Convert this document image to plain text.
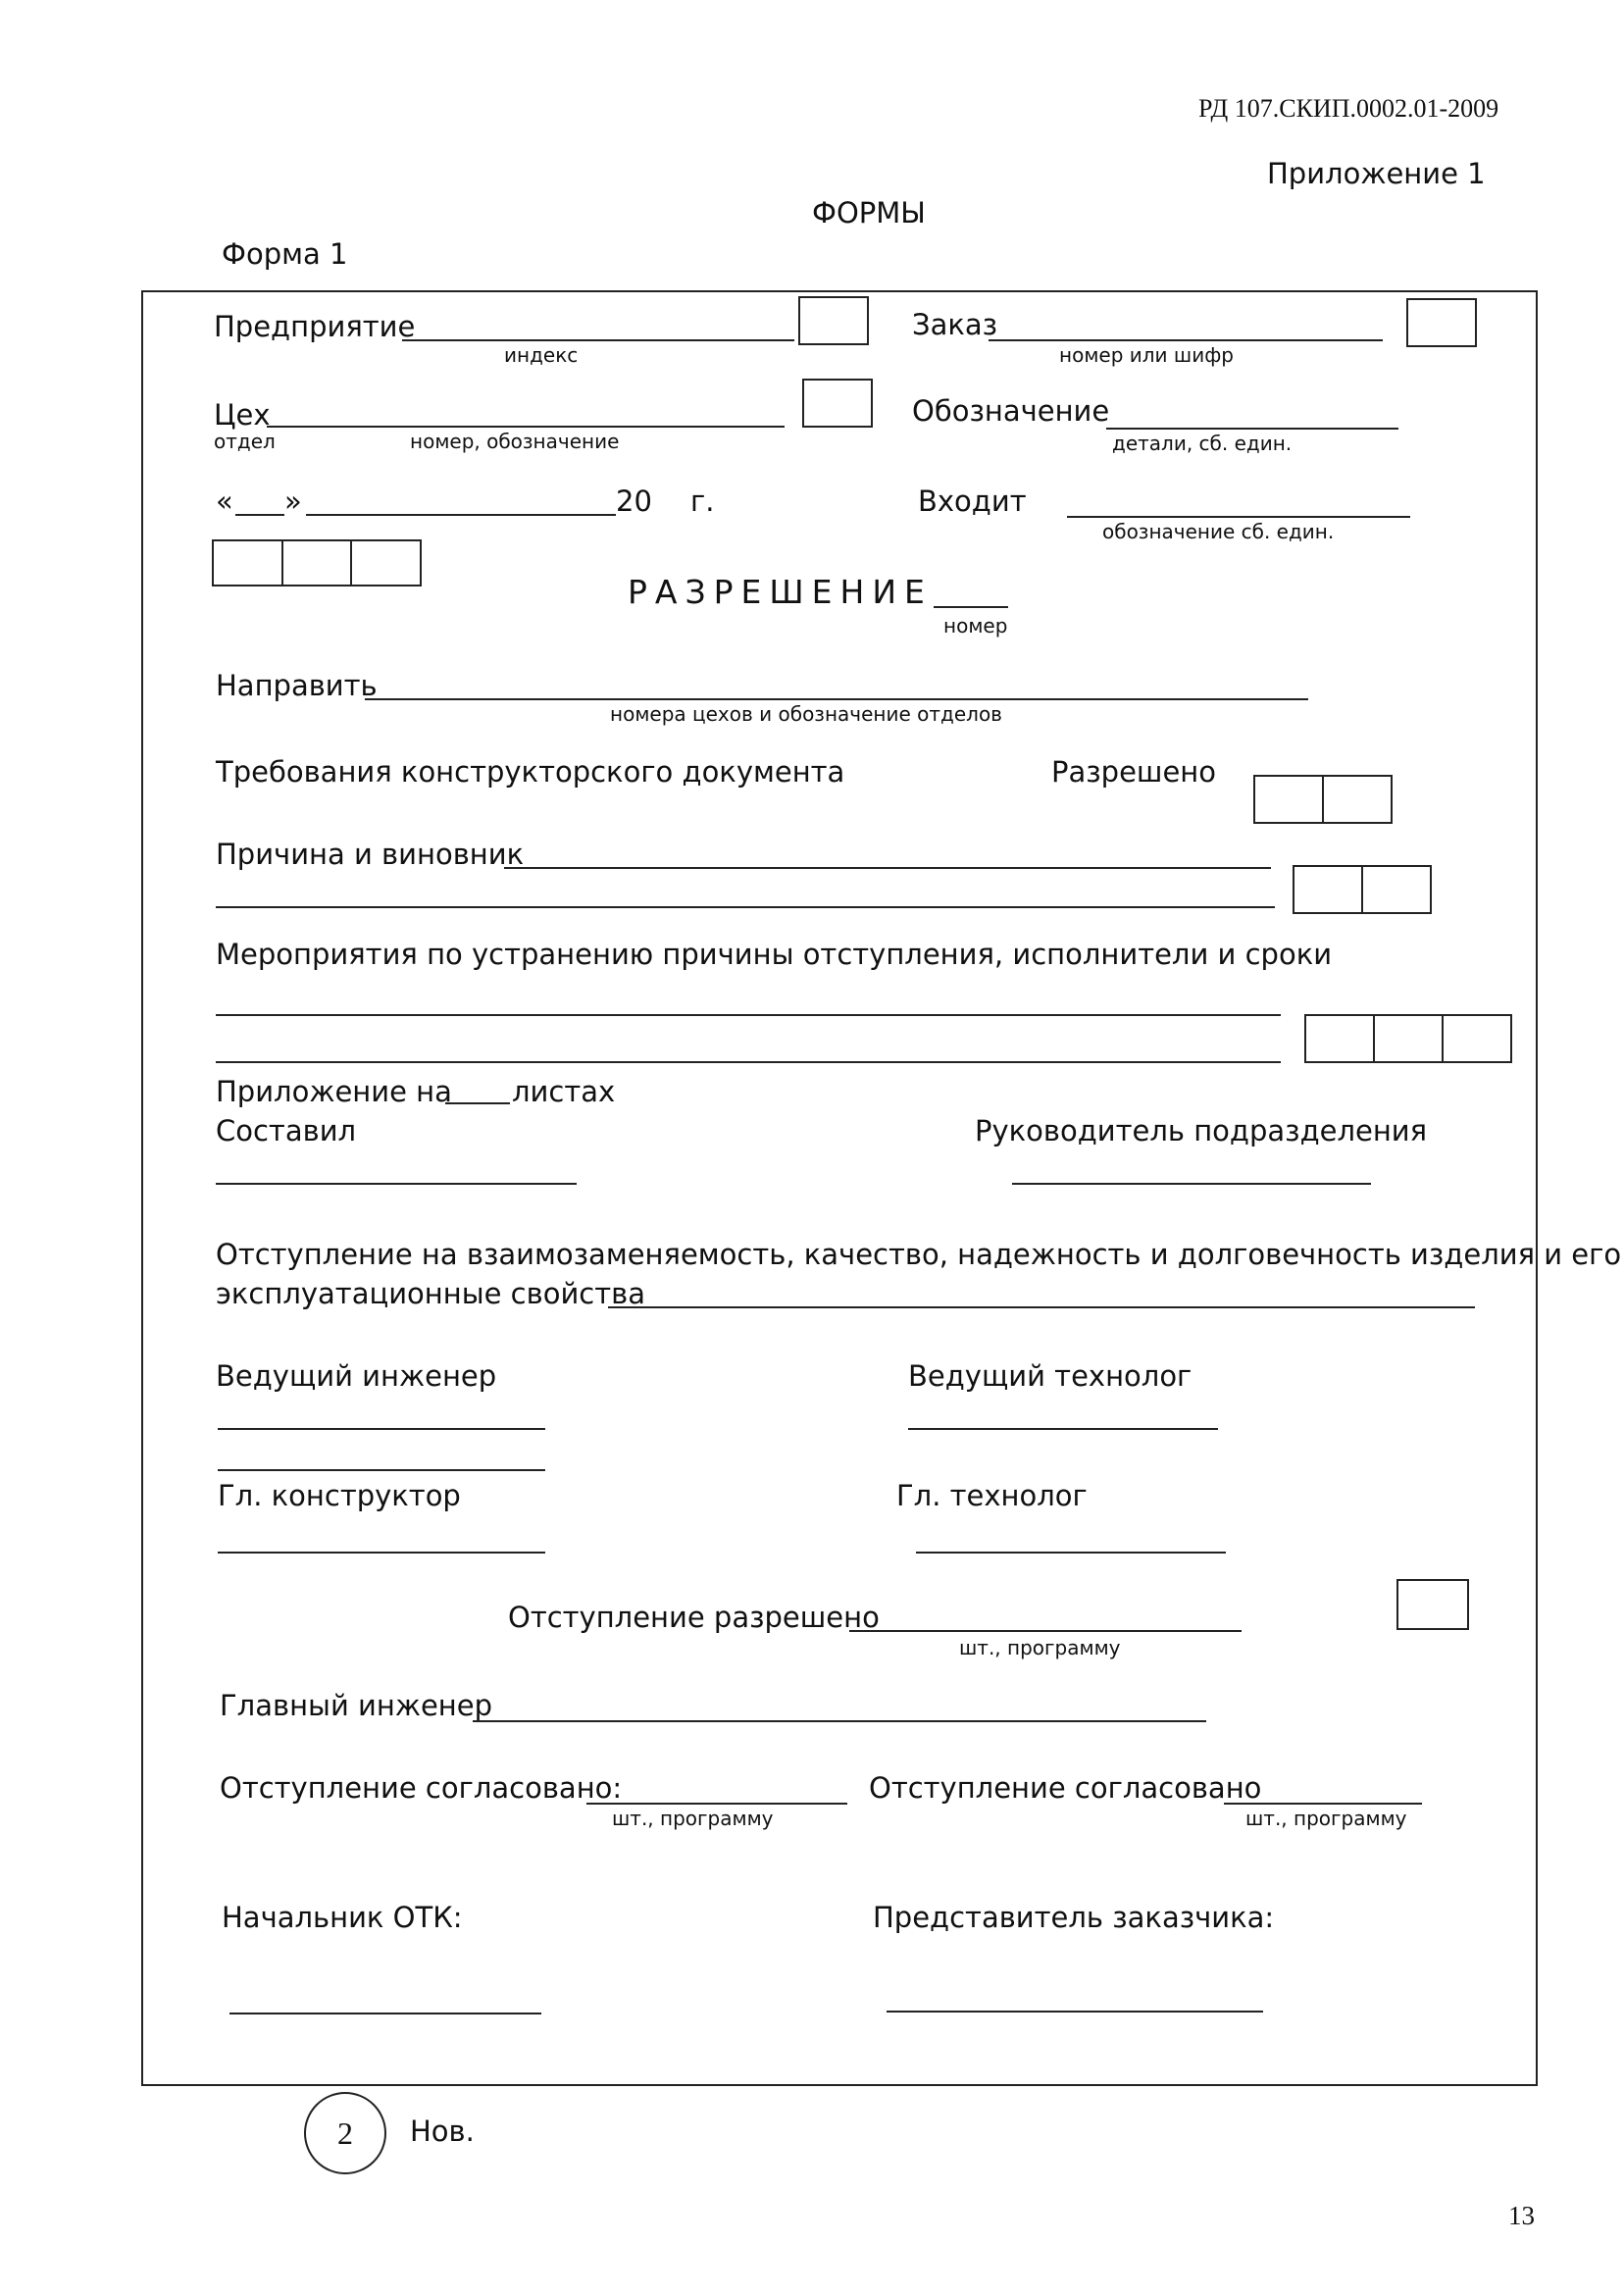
РД 107.СКИП.0002.01-2009
Приложение 1
ФОРМЫ
Форма 1
Предприятие
индекс
Заказ
номер или шифр
Цех
отдел	номер, обозначение
Обозначение
детали, сб. един.
« »	20 г.	Входит
обозначение сб. един.
РАЗРЕШЕНИЕ
номер
Направить
номера цехов и обозначение отделов
Требования конструкторского документа	Разрешено
Причина и виновник
Мероприятия по устранению причины отступления, исполнители и сроки
Приложение на листах
Составил	Руководитель подразделения
Отступление на взаимозаменяемость, качество, надежность и долговечность изделия и его
эксплуатационные свойства
Ведущий инженер	Ведущий технолог
Гл. конструктор	Гл. технолог
Отступление разрешено
шт., программу
Главный инженер
Отступление согласовано:
шт., программу
Отступление согласовано
шт., программу
Начальник ОТК:	Представитель заказчика:
2 Нов.
13
